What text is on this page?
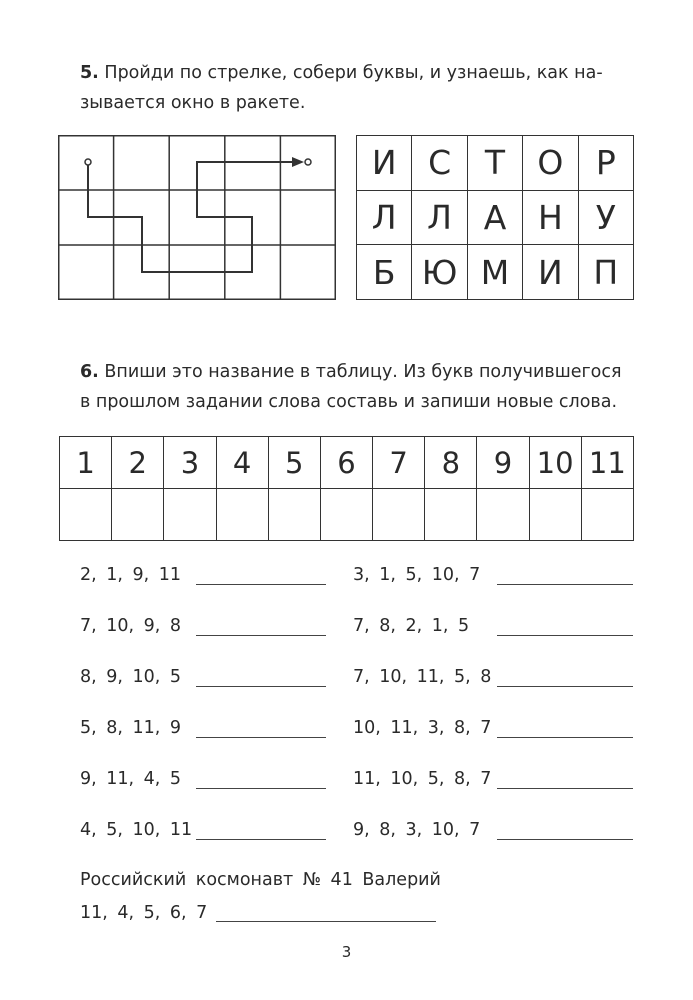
5. Пройди по стрелке, собери буквы, и узнаешь, как на-
зывается окно в ракете.
И	С	Т	О	Р
Л	Л	А	Н	У
Б	Ю	М	И	П
6. Впиши это название в таблицу. Из букв получившегося
в прошлом задании слова составь и запиши новые слова.
1	2	3	4	5	6	7	8	9	10	11

2, 1, 9, 11	3, 1, 5, 10, 7
7, 10, 9, 8	7, 8, 2, 1, 5
8, 9, 10, 5	7, 10, 11, 5, 8
5, 8, 11, 9	10, 11, 3, 8, 7
9, 11, 4, 5	11, 10, 5, 8, 7
4, 5, 10, 11	9, 8, 3, 10, 7
Российский космонавт № 41 Валерий
11, 4, 5, 6, 7
3
